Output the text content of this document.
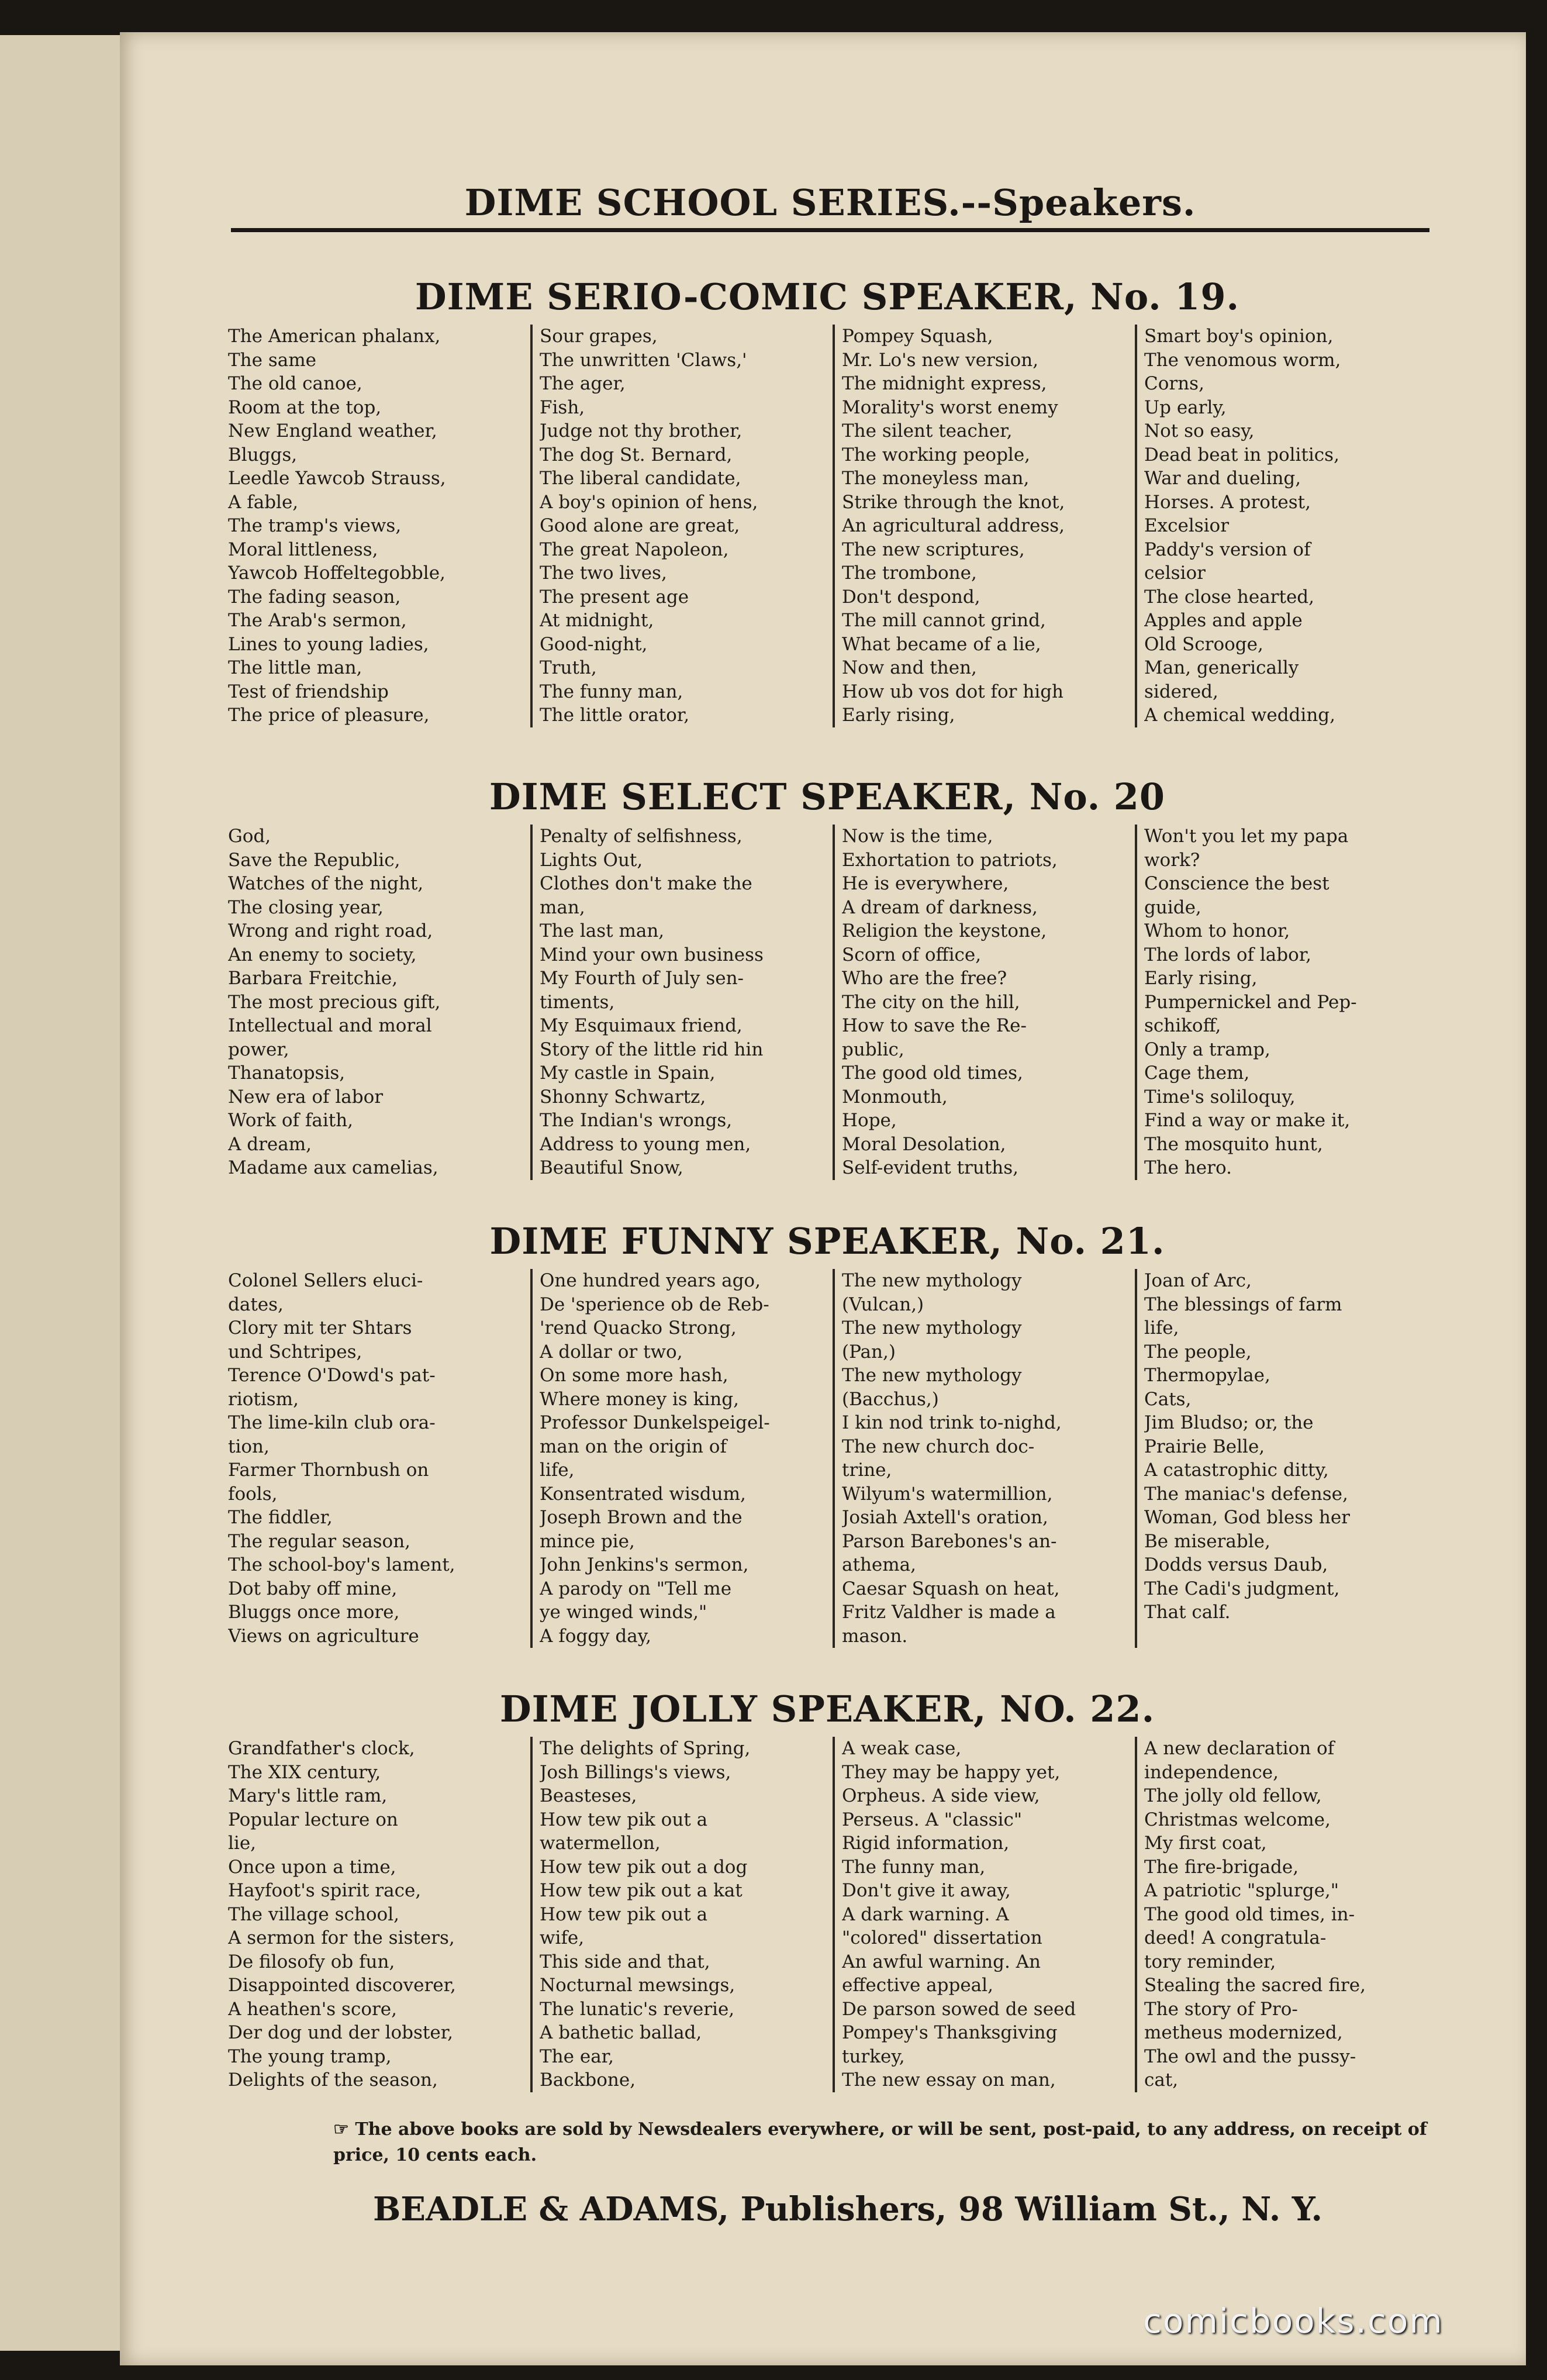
DIME SCHOOL SERIES.--Speakers.
DIME SERIO-COMIC SPEAKER, No. 19.
The American phalanx,
The same
The old canoe,
Room at the top,
New England weather,
Bluggs,
Leedle Yawcob Strauss,
A fable,
The tramp's views,
Moral littleness,
Yawcob Hoffeltegobble,
The fading season,
The Arab's sermon,
Lines to young ladies,
The little man,
Test of friendship
The price of pleasure,
Sour grapes,
The unwritten 'Claws,'
The ager,
Fish,
Judge not thy brother,
The dog St. Bernard,
The liberal candidate,
A boy's opinion of hens,
Good alone are great,
The great Napoleon,
The two lives,
The present age
At midnight,
Good-night,
Truth,
The funny man,
The little orator,
Pompey Squash,
Mr. Lo's new version,
The midnight express,
Morality's worst enemy
The silent teacher,
The working people,
The moneyless man,
Strike through the knot,
An agricultural address,
The new scriptures,
The trombone,
Don't despond,
The mill cannot grind,
What became of a lie,
Now and then,
How ub vos dot for high
Early rising,
Smart boy's opinion,
The venomous worm,
Corns,
Up early,
Not so easy,
Dead beat in politics,
War and dueling,
Horses. A protest,
Excelsior
Paddy's version of
celsior
The close hearted,
Apples and apple
Old Scrooge,
Man, generically
sidered,
A chemical wedding,
DIME SELECT SPEAKER, No. 20
God,
Save the Republic,
Watches of the night,
The closing year,
Wrong and right road,
An enemy to society,
Barbara Freitchie,
The most precious gift,
Intellectual and moral
power,
Thanatopsis,
New era of labor
Work of faith,
A dream,
Madame aux camelias,
Penalty of selfishness,
Lights Out,
Clothes don't make the
man,
The last man,
Mind your own business
My Fourth of July sen-
timents,
My Esquimaux friend,
Story of the little rid hin
My castle in Spain,
Shonny Schwartz,
The Indian's wrongs,
Address to young men,
Beautiful Snow,
Now is the time,
Exhortation to patriots,
He is everywhere,
A dream of darkness,
Religion the keystone,
Scorn of office,
Who are the free?
The city on the hill,
How to save the Re-
public,
The good old times,
Monmouth,
Hope,
Moral Desolation,
Self-evident truths,
Won't you let my papa
work?
Conscience the best
guide,
Whom to honor,
The lords of labor,
Early rising,
Pumpernickel and Pep-
schikoff,
Only a tramp,
Cage them,
Time's soliloquy,
Find a way or make it,
The mosquito hunt,
The hero.
DIME FUNNY SPEAKER, No. 21.
Colonel Sellers eluci-
dates,
Clory mit ter Shtars
und Schtripes,
Terence O'Dowd's pat-
riotism,
The lime-kiln club ora-
tion,
Farmer Thornbush on
fools,
The fiddler,
The regular season,
The school-boy's lament,
Dot baby off mine,
Bluggs once more,
Views on agriculture
One hundred years ago,
De 'sperience ob de Reb-
'rend Quacko Strong,
A dollar or two,
On some more hash,
Where money is king,
Professor Dunkelspeigel-
man on the origin of
life,
Konsentrated wisdum,
Joseph Brown and the
mince pie,
John Jenkins's sermon,
A parody on "Tell me
ye winged winds,"
A foggy day,
The new mythology
(Vulcan,)
The new mythology
(Pan,)
The new mythology
(Bacchus,)
I kin nod trink to-nighd,
The new church doc-
trine,
Wilyum's watermillion,
Josiah Axtell's oration,
Parson Barebones's an-
athema,
Caesar Squash on heat,
Fritz Valdher is made a
mason.
Joan of Arc,
The blessings of farm
life,
The people,
Thermopylae,
Cats,
Jim Bludso; or, the
Prairie Belle,
A catastrophic ditty,
The maniac's defense,
Woman, God bless her
Be miserable,
Dodds versus Daub,
The Cadi's judgment,
That calf.
DIME JOLLY SPEAKER, NO. 22.
Grandfather's clock,
The XIX century,
Mary's little ram,
Popular lecture on
lie,
Once upon a time,
Hayfoot's spirit race,
The village school,
A sermon for the sisters,
De filosofy ob fun,
Disappointed discoverer,
A heathen's score,
Der dog und der lobster,
The young tramp,
Delights of the season,
The delights of Spring,
Josh Billings's views,
Beasteses,
How tew pik out a
watermellon,
How tew pik out a dog
How tew pik out a kat
How tew pik out a
wife,
This side and that,
Nocturnal mewsings,
The lunatic's reverie,
A bathetic ballad,
The ear,
Backbone,
A weak case,
They may be happy yet,
Orpheus. A side view,
Perseus. A "classic"
Rigid information,
The funny man,
Don't give it away,
A dark warning. A
"colored" dissertation
An awful warning. An
effective appeal,
De parson sowed de seed
Pompey's Thanksgiving
turkey,
The new essay on man,
A new declaration of
independence,
The jolly old fellow,
Christmas welcome,
My first coat,
The fire-brigade,
A patriotic "splurge,"
The good old times, in-
deed! A congratula-
tory reminder,
Stealing the sacred fire,
The story of Pro-
metheus modernized,
The owl and the pussy-
cat,
☞ The above books are sold by Newsdealers everywhere, or will be sent, post-paid, to any address, on receipt of price, 10 cents each.
BEADLE & ADAMS, Publishers, 98 William St., N. Y.
comicbooks.com
